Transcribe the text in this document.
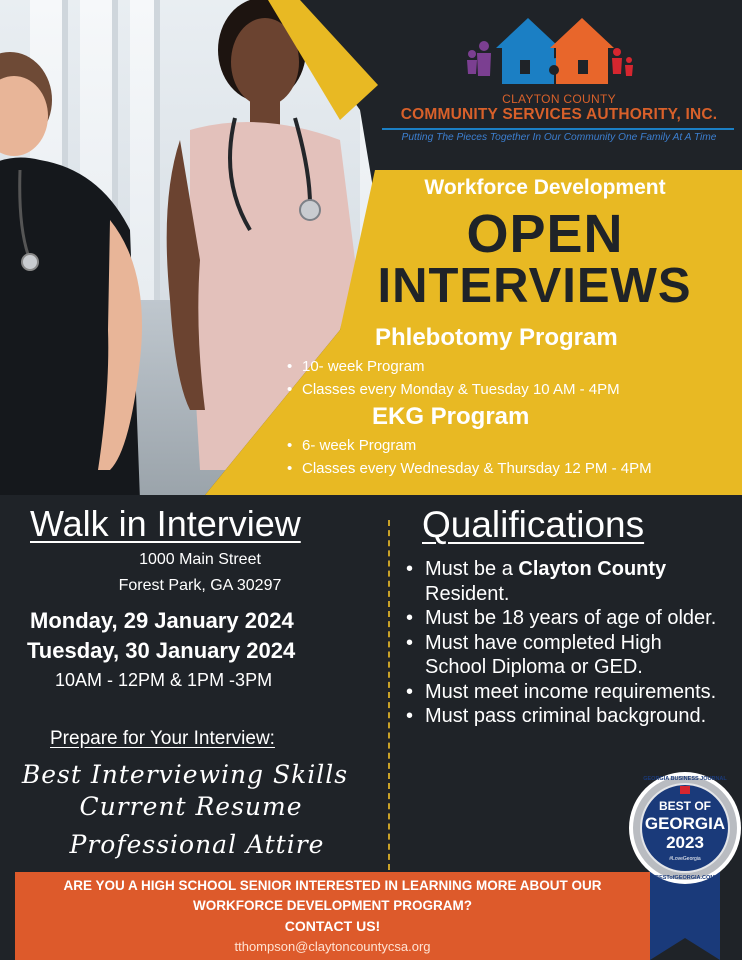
CLAYTON COUNTY
COMMUNITY SERVICES AUTHORITY, INC.
Putting The Pieces Together In Our Community One Family At A Time
Workforce Development
OPEN
INTERVIEWS
Phlebotomy Program
• 10- week Program
• Classes every Monday & Tuesday 10 AM - 4PM
EKG Program
• 6- week Program
• Classes every Wednesday & Thursday 12 PM - 4PM
Walk in Interview
1000 Main Street
Forest Park, GA 30297
Monday, 29 January 2024
Tuesday, 30 January 2024
10AM - 12PM & 1PM -3PM
Prepare for Your Interview:
Best Interviewing Skills
Current Resume
Professional Attire
Qualifications
• Must be a Clayton County Resident.
• Must be 18 years of age of older.
• Must have completed High School Diploma or GED.
• Must meet income requirements.
• Must pass criminal background.
GEORGIA BUSINESS JOURNAL
BEST OF
GEORGIA
2023
#LoveGeorgia
BESTofGEORGIA.COM
ARE YOU A HIGH SCHOOL SENIOR INTERESTED IN LEARNING MORE ABOUT OUR
WORKFORCE DEVELOPMENT PROGRAM?
CONTACT US!
tthompson@claytoncountycsa.org
